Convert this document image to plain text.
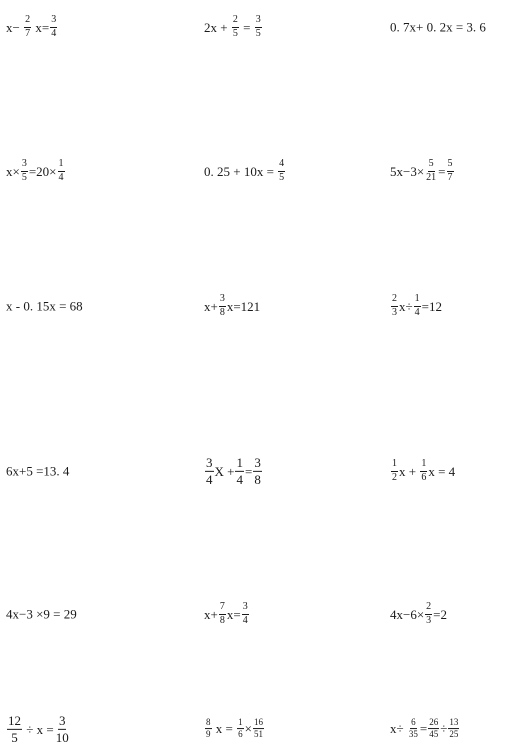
$x- \frac{2}{7} x= \frac{3}{4}$	$2x + \frac{2}{5} = \frac{3}{5}$	0. 7x+ 0. 2x = 3. 6
$x\times \frac{3}{5} =20\times \frac{1}{4}$	0. $25 + 10x = \frac{4}{5}$	$5x-3\times \frac{5}{21} = \frac{5}{7}$
x - 0. 15x = 68	$x+ \frac{3}{8} x=121$	$\frac{2}{3} x\div \frac{1}{4} =12$
6x+5 =13. 4	$\frac{3}{4}$ $X + \frac{1}{4} = \frac{3}{8}$	$\frac{1}{2}$ $x + \frac{1}{6}$ x = 4
4x−3 ×9 = 29	$x+ \frac{7}{8} x= \frac{3}{4}$	$4x-6\times \frac{2}{3} =2$
$\frac{12}{5} \div x = \frac{3}{10}$	$\frac{8}{9}$ $x = \frac{1}{6} \times \frac{16}{51}$	$x\div \frac{6}{35} = \frac{26}{45} \div \frac{13}{25}$
